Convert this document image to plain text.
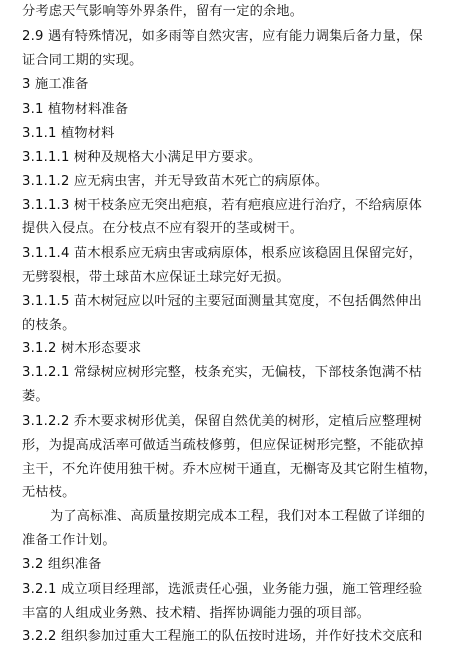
分考虑天气影响等外界条件，留有一定的余地。
2.9 遇有特殊情况，如多雨等自然灾害，应有能力调集后备力量，保
证合同工期的实现。
3 施工准备
3.1 植物材料准备
3.1.1 植物材料
3.1.1.1 树种及规格大小满足甲方要求。
3.1.1.2 应无病虫害，并无导致苗木死亡的病原体。
3.1.1.3 树干枝条应无突出疤痕，若有疤痕应进行治疗，不给病原体
提供入侵点。在分枝点不应有裂开的茎或树干。
3.1.1.4 苗木根系应无病虫害或病原体，根系应该稳固且保留完好，
无劈裂根，带土球苗木应保证土球完好无损。
3.1.1.5 苗木树冠应以叶冠的主要冠面测量其宽度，不包括偶然伸出
的枝条。
3.1.2 树木形态要求
3.1.2.1 常绿树应树形完整，枝条充实，无偏枝，下部枝条饱满不枯
萎。
3.1.2.2 乔木要求树形优美，保留自然优美的树形，定植后应整理树
形，为提高成活率可做适当疏枝修剪，但应保证树形完整，不能砍掉
主干，不允许使用独干树。乔木应树干通直，无槲寄及其它附生植物，
无枯枝。
为了高标准、高质量按期完成本工程，我们对本工程做了详细的
准备工作计划。
3.2 组织准备
3.2.1 成立项目经理部，选派责任心强，业务能力强，施工管理经验
丰富的人组成业务熟、技术精、指挥协调能力强的项目部。
3.2.2 组织参加过重大工程施工的队伍按时进场，并作好技术交底和
